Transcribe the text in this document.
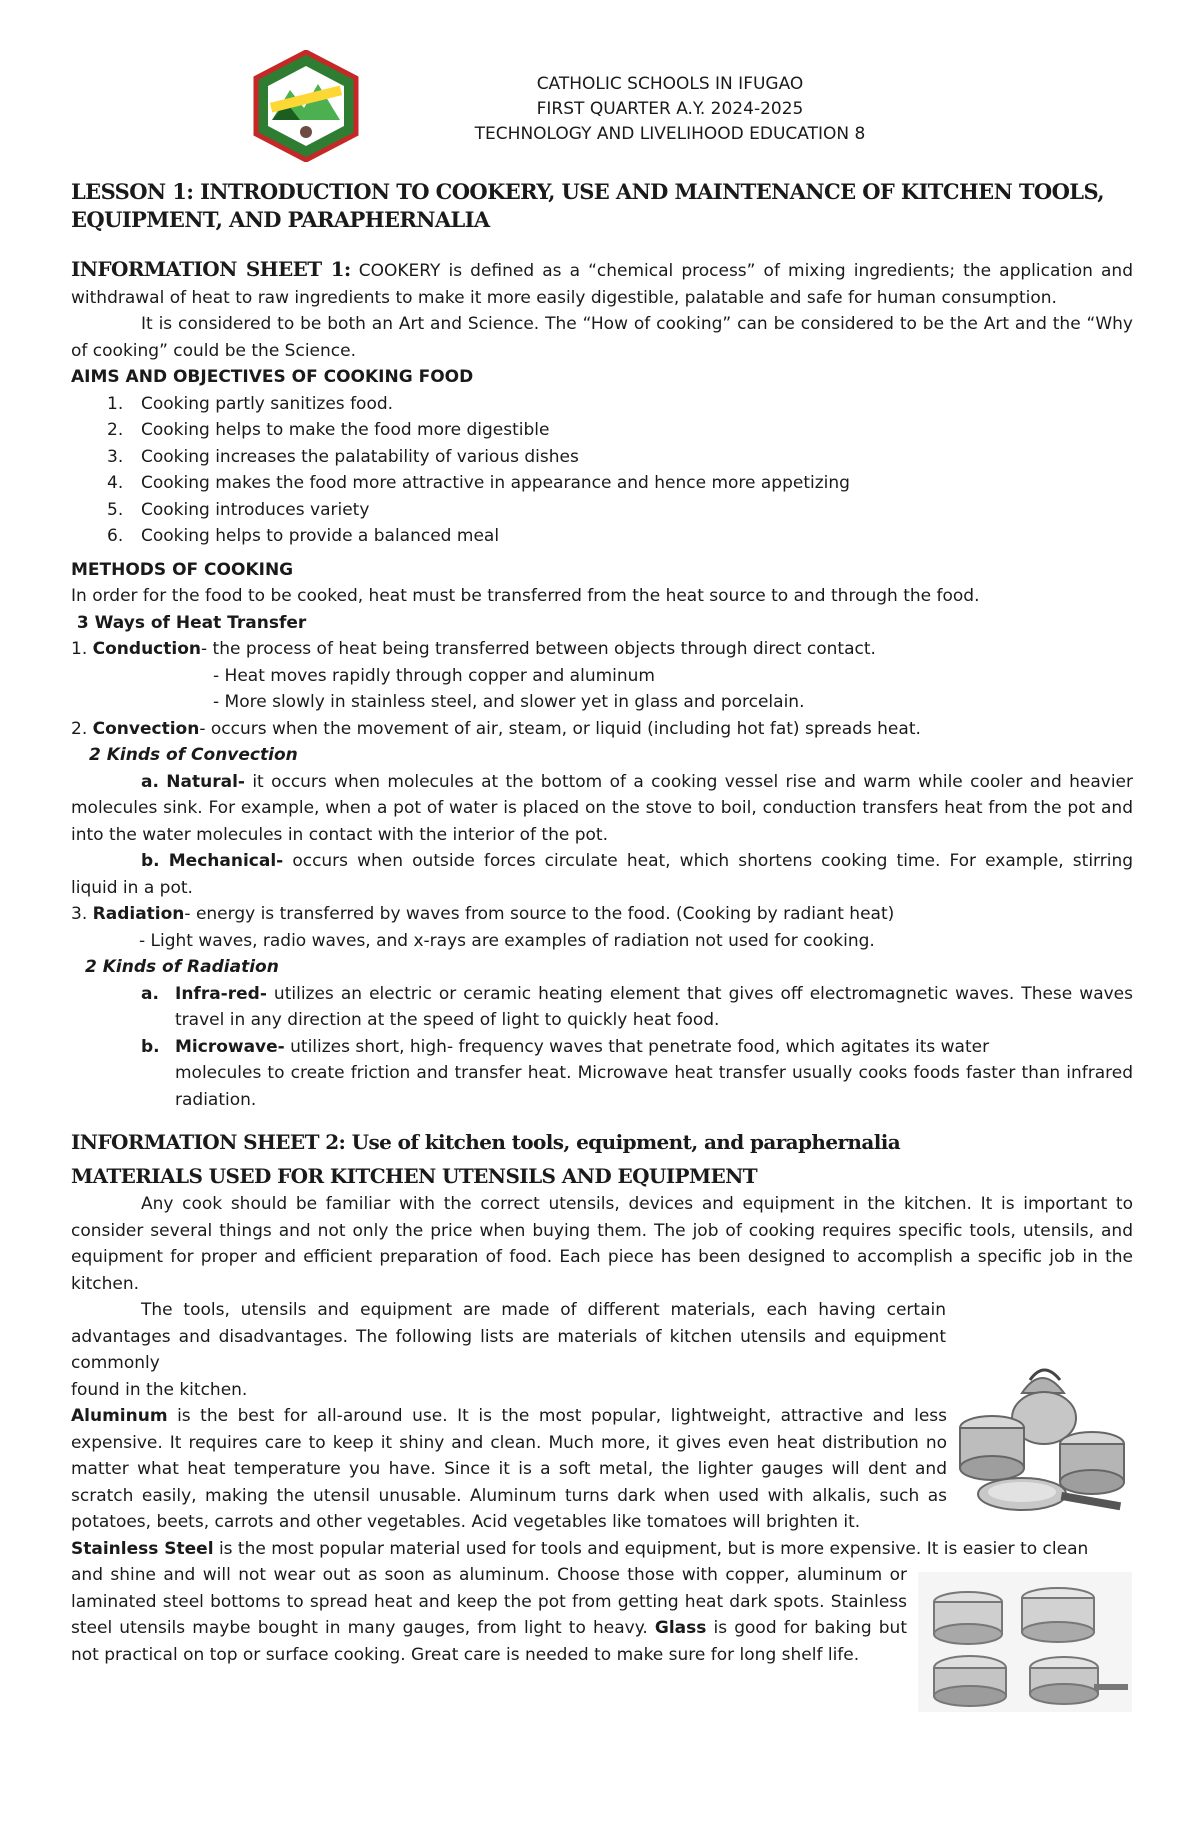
CATHOLIC SCHOOLS IN IFUGAO
FIRST QUARTER A.Y. 2024-2025
TECHNOLOGY AND LIVELIHOOD EDUCATION 8
LESSON 1: INTRODUCTION TO COOKERY, USE AND MAINTENANCE OF KITCHEN TOOLS, EQUIPMENT, AND PARAPHERNALIA

INFORMATION SHEET 1: COOKERY is defined as a “chemical process” of mixing ingredients; the application and withdrawal of heat to raw ingredients to make it more easily digestible, palatable and safe for human consumption.

It is considered to be both an Art and Science. The “How of cooking” can be considered to be the Art and the “Why of cooking” could be the Science.

AIMS AND OBJECTIVES OF COOKING FOOD
1. Cooking partly sanitizes food.
2. Cooking helps to make the food more digestible
3. Cooking increases the palatability of various dishes
4. Cooking makes the food more attractive in appearance and hence more appetizing
5. Cooking introduces variety
6. Cooking helps to provide a balanced meal
METHODS OF COOKING

In order for the food to be cooked, heat must be transferred from the heat source to and through the food.

3 Ways of Heat Transfer

1. Conduction- the process of heat being transferred between objects through direct contact.

- Heat moves rapidly through copper and aluminum

- More slowly in stainless steel, and slower yet in glass and porcelain.

2. Convection- occurs when the movement of air, steam, or liquid (including hot fat) spreads heat.

2 Kinds of Convection

a. Natural- it occurs when molecules at the bottom of a cooking vessel rise and warm while cooler and heavier molecules sink. For example, when a pot of water is placed on the stove to boil, conduction transfers heat from the pot and into the water molecules in contact with the interior of the pot.

b. Mechanical- occurs when outside forces circulate heat, which shortens cooking time. For example, stirring liquid in a pot.

3. Radiation- energy is transferred by waves from source to the food. (Cooking by radiant heat)

- Light waves, radio waves, and x-rays are examples of radiation not used for cooking.

2 Kinds of Radiation
a. Infra-red- utilizes an electric or ceramic heating element that gives off electromagnetic waves. These waves travel in any direction at the speed of light to quickly heat food.
b. Microwave- utilizes short, high- frequency waves that penetrate food, which agitates its water

molecules to create friction and transfer heat. Microwave heat transfer usually cooks foods faster than infrared radiation.

INFORMATION SHEET 2: Use of kitchen tools, equipment, and paraphernalia
MATERIALS USED FOR KITCHEN UTENSILS AND EQUIPMENT

Any cook should be familiar with the correct utensils, devices and equipment in the kitchen. It is important to consider several things and not only the price when buying them. The job of cooking requires specific tools, utensils, and equipment for proper and efficient preparation of food. Each piece has been designed to accomplish a specific job in the kitchen.

The tools, utensils and equipment are made of different materials, each having certain advantages and disadvantages. The following lists are materials of kitchen utensils and equipment commonly

found in the kitchen.

Aluminum is the best for all-around use. It is the most popular, lightweight, attractive and less expensive. It requires care to keep it shiny and clean. Much more, it gives even heat distribution no matter what heat temperature you have. Since it is a soft metal, the lighter gauges will dent and scratch easily, making the utensil unusable. Aluminum turns dark when used with alkalis, such as potatoes, beets, carrots and other vegetables. Acid vegetables like tomatoes will brighten it.

Stainless Steel is the most popular material used for tools and equipment, but is more expensive. It is easier to clean

and shine and will not wear out as soon as aluminum. Choose those with copper, aluminum or laminated steel bottoms to spread heat and keep the pot from getting heat dark spots. Stainless steel utensils maybe bought in many gauges, from light to heavy. Glass is good for baking but not practical on top or surface cooking. Great care is needed to make sure for long shelf life.
